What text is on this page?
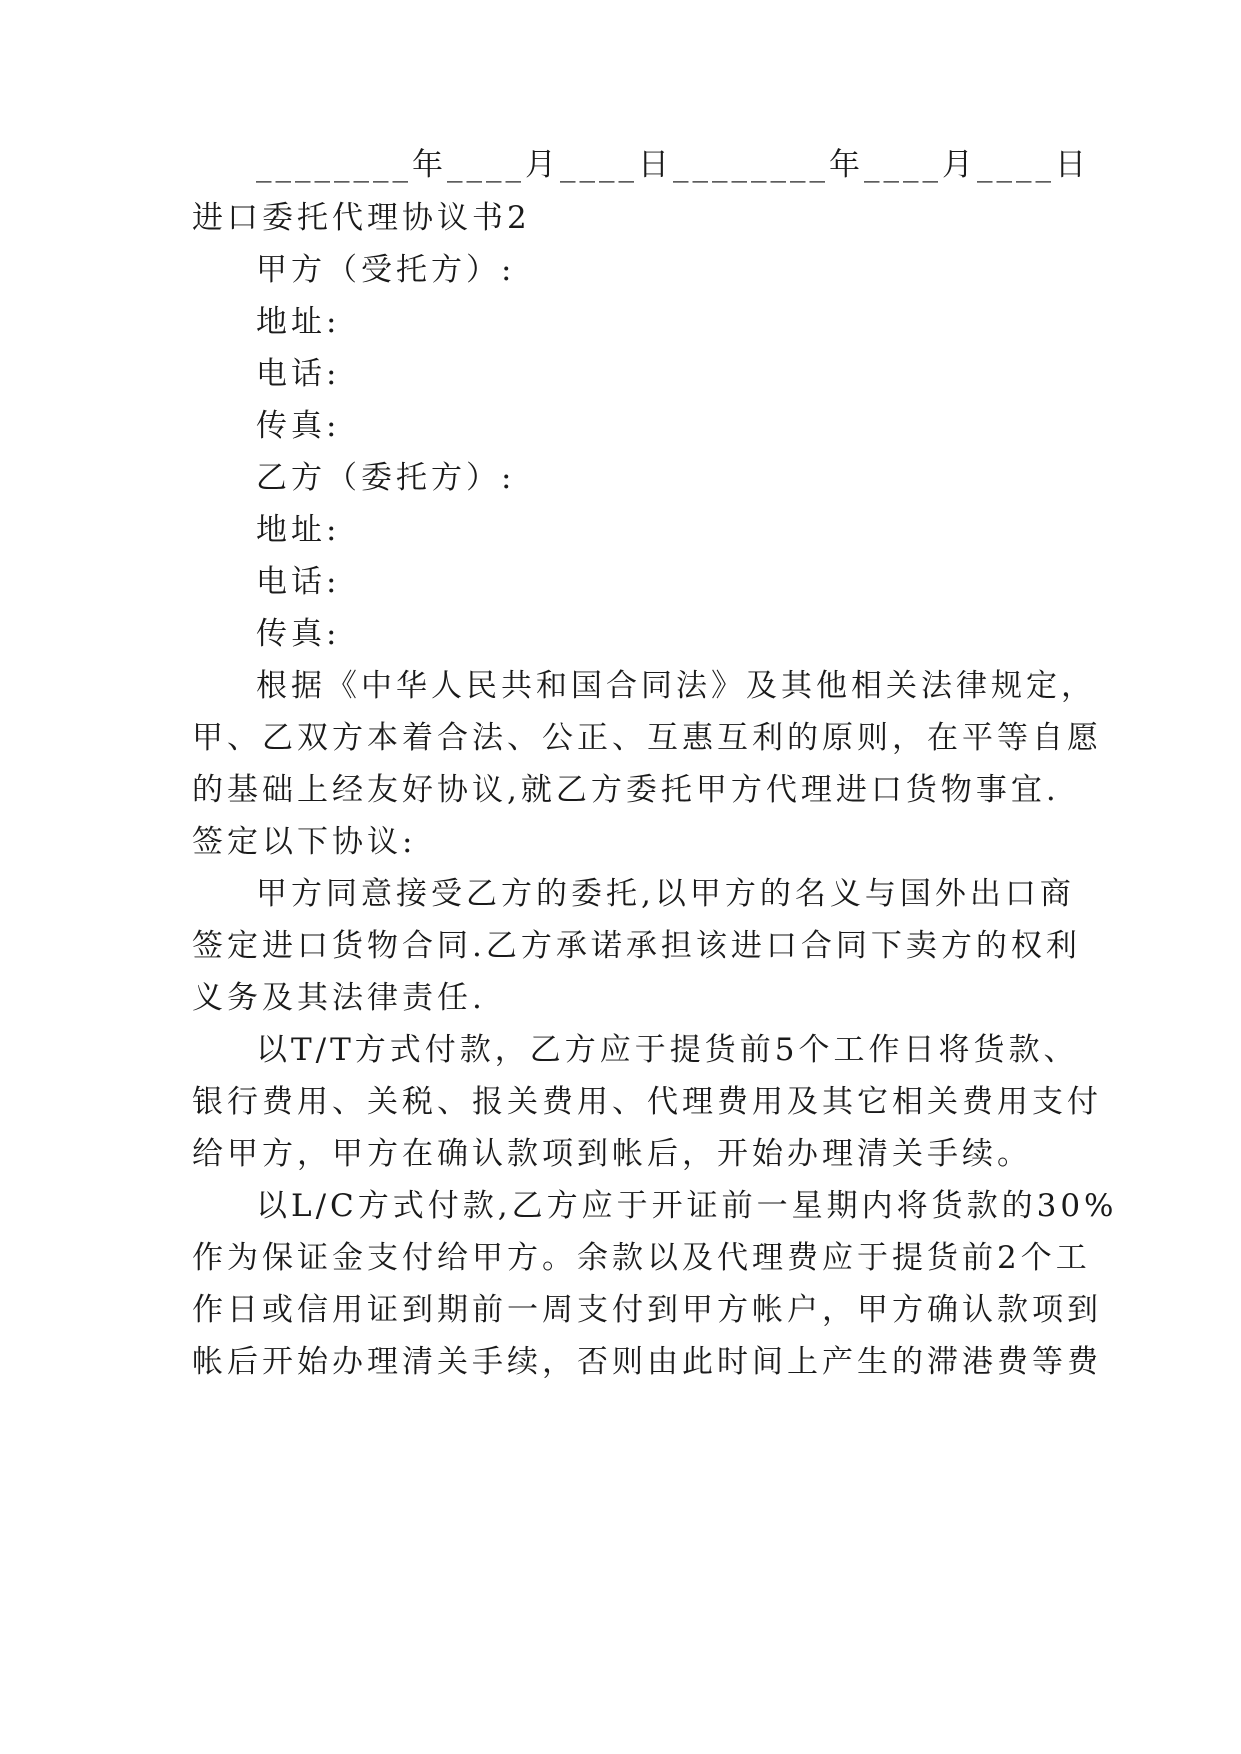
________年____月____日________年____月____日
进口委托代理协议书2
甲方（受托方）:
地址:
电话:
传真:
乙方（委托方）:
地址:
电话:
传真:
根据《中华人民共和国合同法》及其他相关法律规定，
甲、乙双方本着合法、公正、互惠互利的原则，在平等自愿
的基础上经友好协议,就乙方委托甲方代理进口货物事宜.
签定以下协议:
甲方同意接受乙方的委托,以甲方的名义与国外出口商
签定进口货物合同.乙方承诺承担该进口合同下卖方的权利
义务及其法律责任.
以T/T方式付款，乙方应于提货前5个工作日将货款、
银行费用、关税、报关费用、代理费用及其它相关费用支付
给甲方，甲方在确认款项到帐后，开始办理清关手续。
以L/C方式付款,乙方应于开证前一星期内将货款的30%
作为保证金支付给甲方。余款以及代理费应于提货前2个工
作日或信用证到期前一周支付到甲方帐户，甲方确认款项到
帐后开始办理清关手续，否则由此时间上产生的滞港费等费
